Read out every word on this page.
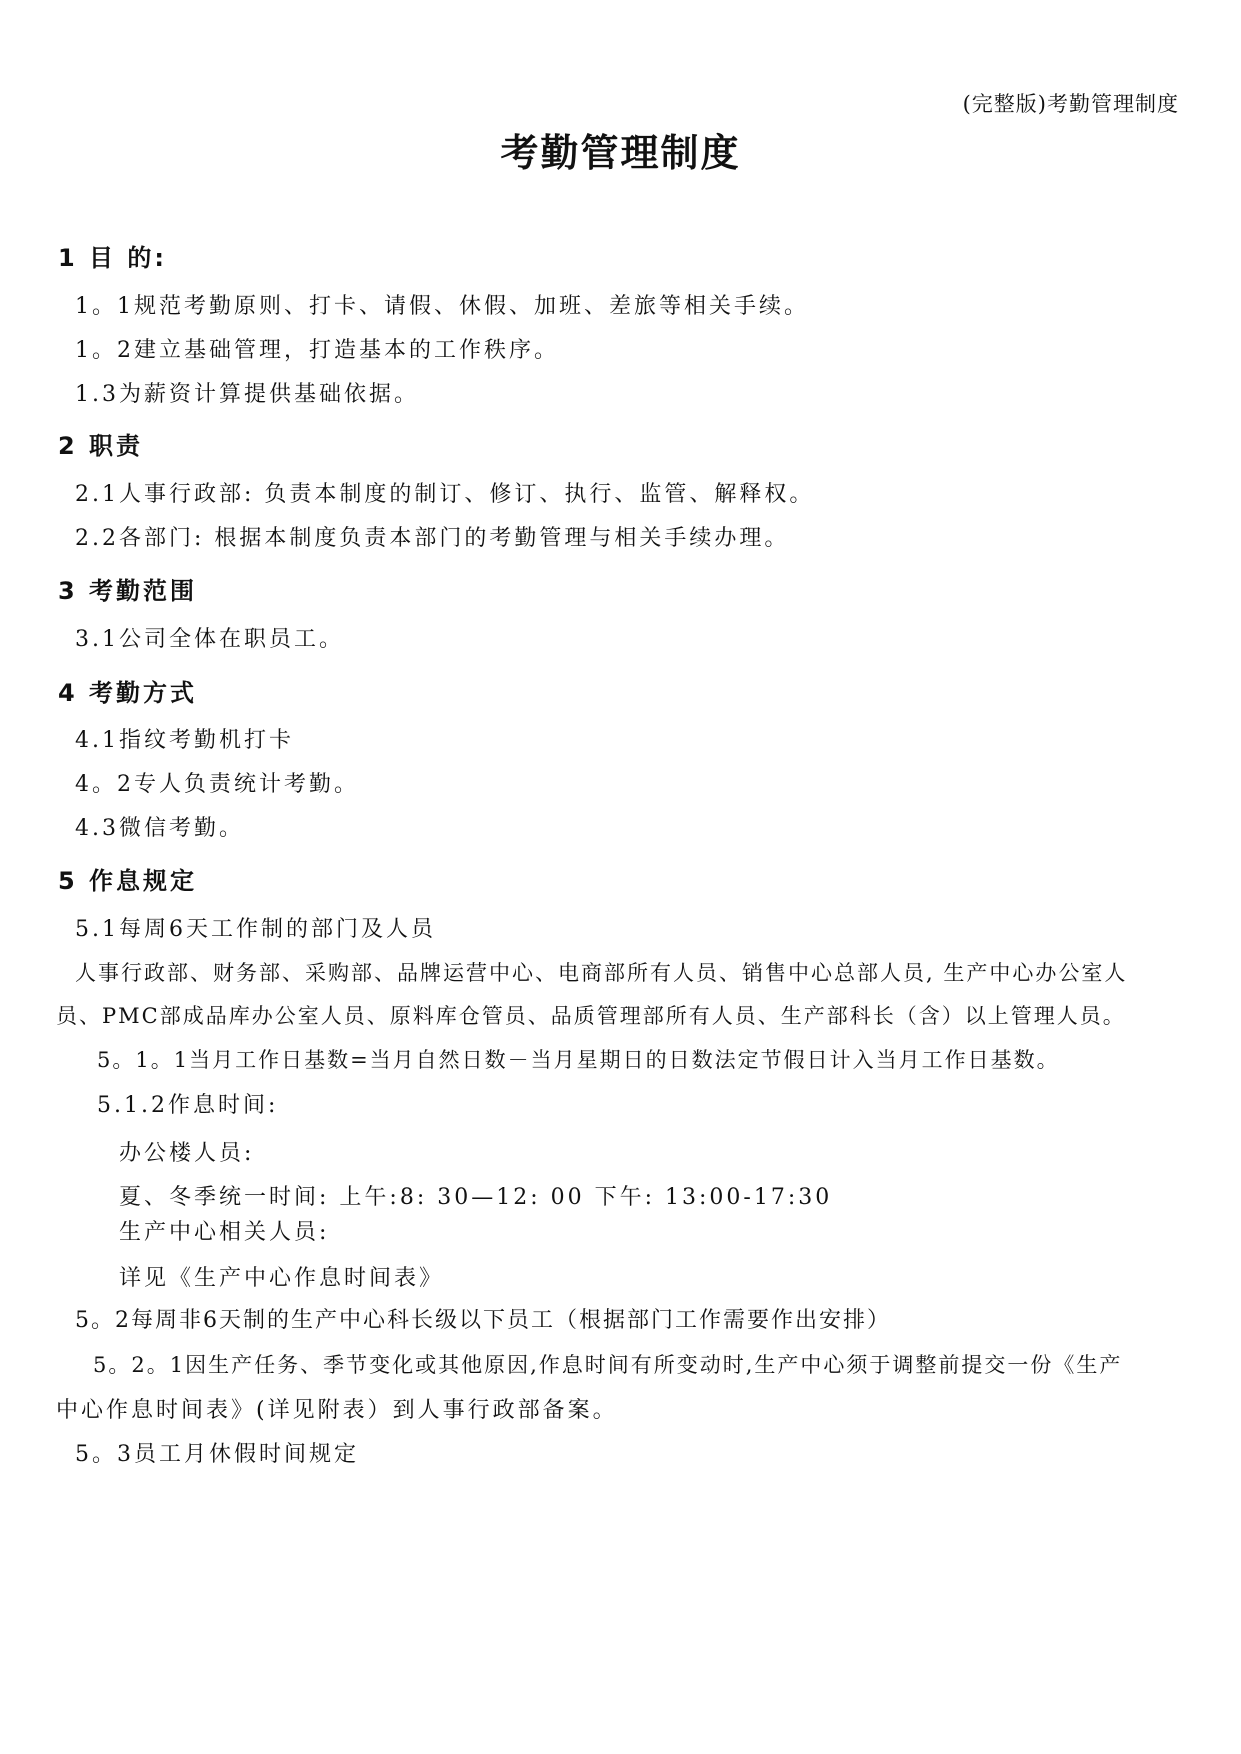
(完整版)考勤管理制度
考勤管理制度
1 目 的:
1。1规范考勤原则、打卡、请假、休假、加班、差旅等相关手续。
1。2建立基础管理，打造基本的工作秩序。
1.3为薪资计算提供基础依据。
2 职责
2.1人事行政部: 负责本制度的制订、修订、执行、监管、解释权。
2.2各部门: 根据本制度负责本部门的考勤管理与相关手续办理。
3 考勤范围
3.1公司全体在职员工。
4 考勤方式
4.1指纹考勤机打卡
4。2专人负责统计考勤。
4.3微信考勤。
5 作息规定
5.1每周6天工作制的部门及人员
人事行政部、财务部、采购部、品牌运营中心、电商部所有人员、销售中心总部人员, 生产中心办公室人
员、PMC部成品库办公室人员、原料库仓管员、品质管理部所有人员、生产部科长（含）以上管理人员。
5。1。1当月工作日基数=当月自然日数－当月星期日的日数法定节假日计入当月工作日基数。
5.1.2作息时间:
办公楼人员:
夏、冬季统一时间: 上午:8: 30—12: 00 下午: 13:00-17:30
生产中心相关人员:
详见《生产中心作息时间表》
5。2每周非6天制的生产中心科长级以下员工（根据部门工作需要作出安排）
5。2。1因生产任务、季节变化或其他原因,作息时间有所变动时,生产中心须于调整前提交一份《生产
中心作息时间表》(详见附表）到人事行政部备案。
5。3员工月休假时间规定
